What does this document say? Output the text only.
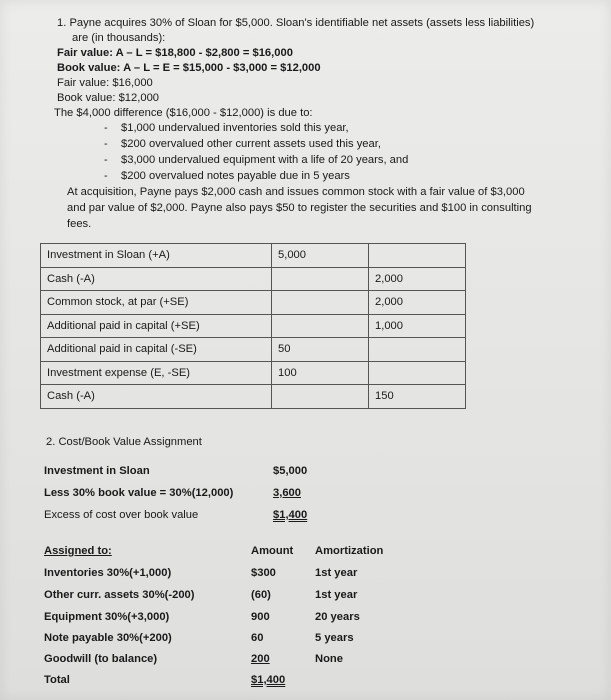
1. Payne acquires 30% of Sloan for $5,000. Sloan's identifiable net assets (assets less liabilities)
are (in thousands):
Fair value: A – L = $18,800 - $2,800 = $16,000
Book value: A – L = E = $15,000 - $3,000 = $12,000
Fair value: $16,000
Book value: $12,000
The $4,000 difference ($16,000 - $12,000) is due to:
- $1,000 undervalued inventories sold this year,
- $200 overvalued other current assets used this year,
- $3,000 undervalued equipment with a life of 20 years, and
- $200 overvalued notes payable due in 5 years
At acquisition, Payne pays $2,000 cash and issues common stock with a fair value of $3,000
and par value of $2,000. Payne also pays $50 to register the securities and $100 in consulting
fees.
Investment in Sloan (+A)	5,000	
Cash (-A)		2,000
Common stock, at par (+SE)		2,000
Additional paid in capital (+SE)		1,000
Additional paid in capital (-SE)	50	
Investment expense (E, -SE)	100	
Cash (-A)		150
2. Cost/Book Value Assignment
Investment in Sloan	$5,000
Less 30% book value = 30%(12,000)	3,600
Excess of cost over book value	$1,400
Assigned to:	Amount Amortization
Inventories 30%(+1,000)	$300	1st year
Other curr. assets 30%(-200)	(60)	1st year
Equipment 30%(+3,000)	900	20 years
Note payable 30%(+200)	60	5 years
Goodwill (to balance)	200	None
Total	$1,400
